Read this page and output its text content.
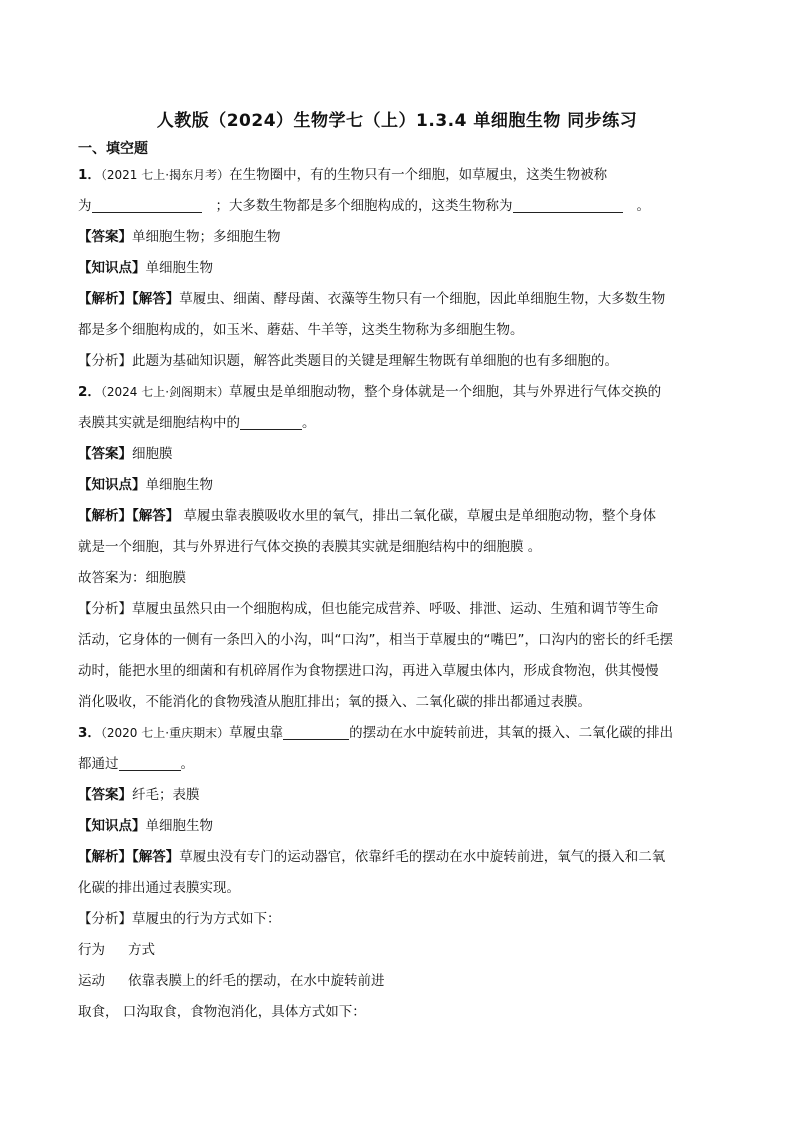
人教版（2024）生物学七（上）1.3.4 单细胞生物 同步练习
一、填空题
1．（2021 七上·揭东月考）在生物圈中，有的生物只有一个细胞，如草履虫，这类生物被称
为	；大多数生物都是多个细胞构成的，这类生物称为	。
【答案】单细胞生物；多细胞生物
【知识点】单细胞生物
【解析】【解答】草履虫、细菌、酵母菌、衣藻等生物只有一个细胞，因此单细胞生物，大多数生物
都是多个细胞构成的，如玉米、蘑菇、牛羊等，这类生物称为多细胞生物。
【分析】此题为基础知识题，解答此类题目的关键是理解生物既有单细胞的也有多细胞的。
2．（2024 七上·剑阁期末）草履虫是单细胞动物，整个身体就是一个细胞，其与外界进行气体交换的
表膜其实就是细胞结构中的	。
【答案】细胞膜
【知识点】单细胞生物
【解析】【解答】 草履虫靠表膜吸收水里的氧气，排出二氧化碳，草履虫是单细胞动物，整个身体
就是一个细胞，其与外界进行气体交换的表膜其实就是细胞结构中的细胞膜 。
故答案为：细胞膜
【分析】草履虫虽然只由一个细胞构成，但也能完成营养、呼吸、排泄、运动、生殖和调节等生命
活动，它身体的一侧有一条凹入的小沟，叫“口沟”，相当于草履虫的“嘴巴”，口沟内的密长的纤毛摆
动时，能把水里的细菌和有机碎屑作为食物摆进口沟，再进入草履虫体内，形成食物泡，供其慢慢
消化吸收，不能消化的食物残渣从胞肛排出；氧的摄入、二氧化碳的排出都通过表膜。
3．（2020 七上·重庆期末）草履虫靠	的摆动在水中旋转前进，其氧的摄入、二氧化碳的排出
都通过	。
【答案】纤毛；表膜
【知识点】单细胞生物
【解析】【解答】草履虫没有专门的运动器官，依靠纤毛的摆动在水中旋转前进，氧气的摄入和二氧
化碳的排出通过表膜实现。
【分析】草履虫的行为方式如下：
行为 方式
运动 依靠表膜上的纤毛的摆动，在水中旋转前进
取食， 口沟取食，食物泡消化，具体方式如下：
